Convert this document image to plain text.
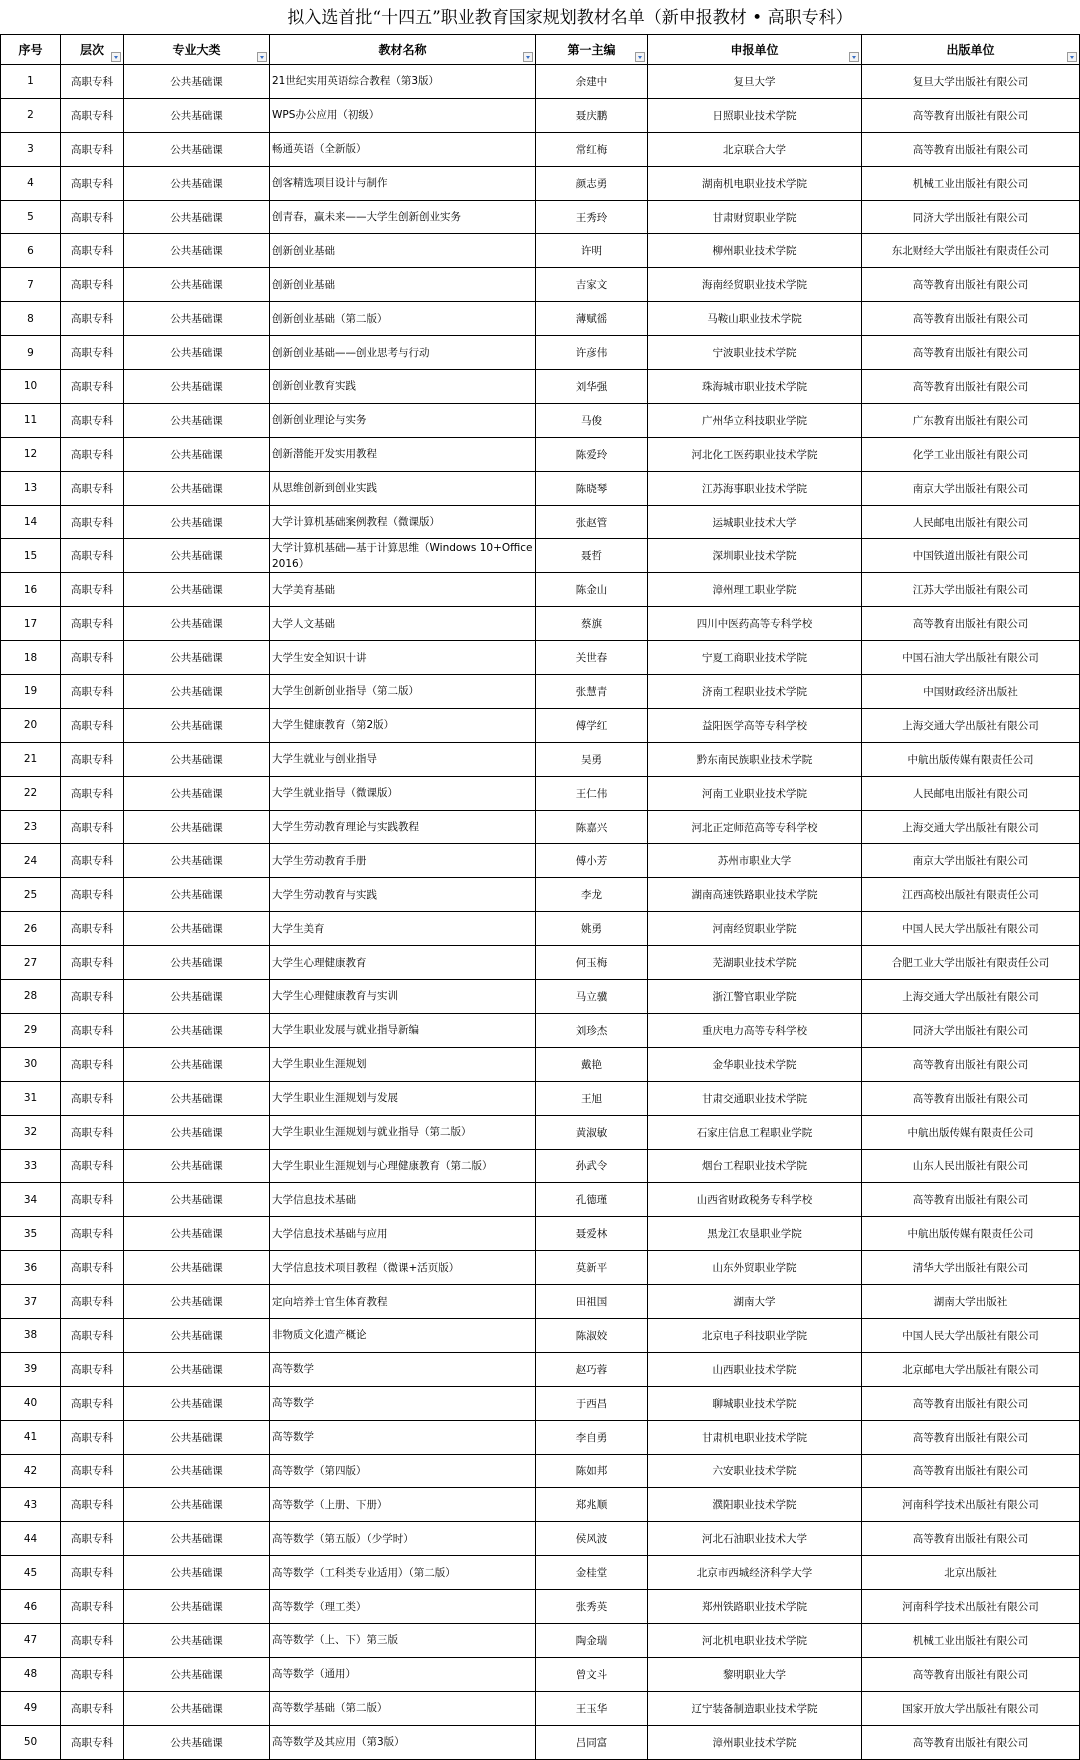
拟入选首批“十四五”职业教育国家规划教材名单（新申报教材 • 高职专科）
序号	层次	专业大类	教材名称	第一主编	申报单位	出版单位

1	高职专科	公共基础课	21世纪实用英语综合教程（第3版）	余建中	复旦大学	复旦大学出版社有限公司
2	高职专科	公共基础课	WPS办公应用（初级）	聂庆鹏	日照职业技术学院	高等教育出版社有限公司
3	高职专科	公共基础课	畅通英语（全新版）	常红梅	北京联合大学	高等教育出版社有限公司
4	高职专科	公共基础课	创客精选项目设计与制作	颜志勇	湖南机电职业技术学院	机械工业出版社有限公司
5	高职专科	公共基础课	创青春，赢未来——大学生创新创业实务	王秀玲	甘肃财贸职业学院	同济大学出版社有限公司
6	高职专科	公共基础课	创新创业基础	许明	柳州职业技术学院	东北财经大学出版社有限责任公司
7	高职专科	公共基础课	创新创业基础	吉家文	海南经贸职业技术学院	高等教育出版社有限公司
8	高职专科	公共基础课	创新创业基础（第二版）	薄赋徭	马鞍山职业技术学院	高等教育出版社有限公司
9	高职专科	公共基础课	创新创业基础——创业思考与行动	许彦伟	宁波职业技术学院	高等教育出版社有限公司
10	高职专科	公共基础课	创新创业教育实践	刘华强	珠海城市职业技术学院	高等教育出版社有限公司
11	高职专科	公共基础课	创新创业理论与实务	马俊	广州华立科技职业学院	广东教育出版社有限公司
12	高职专科	公共基础课	创新潜能开发实用教程	陈爱玲	河北化工医药职业技术学院	化学工业出版社有限公司
13	高职专科	公共基础课	从思维创新到创业实践	陈晓琴	江苏海事职业技术学院	南京大学出版社有限公司
14	高职专科	公共基础课	大学计算机基础案例教程（微课版）	张赵管	运城职业技术大学	人民邮电出版社有限公司
15	高职专科	公共基础课	大学计算机基础—基于计算思维（Windows 10+Office 2016）	聂哲	深圳职业技术学院	中国铁道出版社有限公司
16	高职专科	公共基础课	大学美育基础	陈金山	漳州理工职业学院	江苏大学出版社有限公司
17	高职专科	公共基础课	大学人文基础	蔡旗	四川中医药高等专科学校	高等教育出版社有限公司
18	高职专科	公共基础课	大学生安全知识十讲	关世春	宁夏工商职业技术学院	中国石油大学出版社有限公司
19	高职专科	公共基础课	大学生创新创业指导（第二版）	张慧青	济南工程职业技术学院	中国财政经济出版社
20	高职专科	公共基础课	大学生健康教育（第2版）	傅学红	益阳医学高等专科学校	上海交通大学出版社有限公司
21	高职专科	公共基础课	大学生就业与创业指导	吴勇	黔东南民族职业技术学院	中航出版传媒有限责任公司
22	高职专科	公共基础课	大学生就业指导（微课版）	王仁伟	河南工业职业技术学院	人民邮电出版社有限公司
23	高职专科	公共基础课	大学生劳动教育理论与实践教程	陈嘉兴	河北正定师范高等专科学校	上海交通大学出版社有限公司
24	高职专科	公共基础课	大学生劳动教育手册	傅小芳	苏州市职业大学	南京大学出版社有限公司
25	高职专科	公共基础课	大学生劳动教育与实践	李龙	湖南高速铁路职业技术学院	江西高校出版社有限责任公司
26	高职专科	公共基础课	大学生美育	姚勇	河南经贸职业学院	中国人民大学出版社有限公司
27	高职专科	公共基础课	大学生心理健康教育	何玉梅	芜湖职业技术学院	合肥工业大学出版社有限责任公司
28	高职专科	公共基础课	大学生心理健康教育与实训	马立骥	浙江警官职业学院	上海交通大学出版社有限公司
29	高职专科	公共基础课	大学生职业发展与就业指导新编	刘珍杰	重庆电力高等专科学校	同济大学出版社有限公司
30	高职专科	公共基础课	大学生职业生涯规划	戴艳	金华职业技术学院	高等教育出版社有限公司
31	高职专科	公共基础课	大学生职业生涯规划与发展	王旭	甘肃交通职业技术学院	高等教育出版社有限公司
32	高职专科	公共基础课	大学生职业生涯规划与就业指导（第二版）	黄淑敏	石家庄信息工程职业学院	中航出版传媒有限责任公司
33	高职专科	公共基础课	大学生职业生涯规划与心理健康教育（第二版）	孙武令	烟台工程职业技术学院	山东人民出版社有限公司
34	高职专科	公共基础课	大学信息技术基础	孔德瑾	山西省财政税务专科学校	高等教育出版社有限公司
35	高职专科	公共基础课	大学信息技术基础与应用	聂爱林	黑龙江农垦职业学院	中航出版传媒有限责任公司
36	高职专科	公共基础课	大学信息技术项目教程（微课+活页版）	莫新平	山东外贸职业学院	清华大学出版社有限公司
37	高职专科	公共基础课	定向培养士官生体育教程	田祖国	湖南大学	湖南大学出版社
38	高职专科	公共基础课	非物质文化遗产概论	陈淑姣	北京电子科技职业学院	中国人民大学出版社有限公司
39	高职专科	公共基础课	高等数学	赵巧蓉	山西职业技术学院	北京邮电大学出版社有限公司
40	高职专科	公共基础课	高等数学	于西昌	聊城职业技术学院	高等教育出版社有限公司
41	高职专科	公共基础课	高等数学	李自勇	甘肃机电职业技术学院	高等教育出版社有限公司
42	高职专科	公共基础课	高等数学（第四版）	陈如邦	六安职业技术学院	高等教育出版社有限公司
43	高职专科	公共基础课	高等数学（上册、下册）	郑兆顺	濮阳职业技术学院	河南科学技术出版社有限公司
44	高职专科	公共基础课	高等数学（第五版）（少学时）	侯风波	河北石油职业技术大学	高等教育出版社有限公司
45	高职专科	公共基础课	高等数学（工科类专业适用）（第二版）	金桂堂	北京市西城经济科学大学	北京出版社
46	高职专科	公共基础课	高等数学（理工类）	张秀英	郑州铁路职业技术学院	河南科学技术出版社有限公司
47	高职专科	公共基础课	高等数学（上、下）第三版	陶金瑞	河北机电职业技术学院	机械工业出版社有限公司
48	高职专科	公共基础课	高等数学（通用）	曾文斗	黎明职业大学	高等教育出版社有限公司
49	高职专科	公共基础课	高等数学基础（第二版）	王玉华	辽宁装备制造职业技术学院	国家开放大学出版社有限公司
50	高职专科	公共基础课	高等数学及其应用（第3版）	吕同富	漳州职业技术学院	高等教育出版社有限公司
